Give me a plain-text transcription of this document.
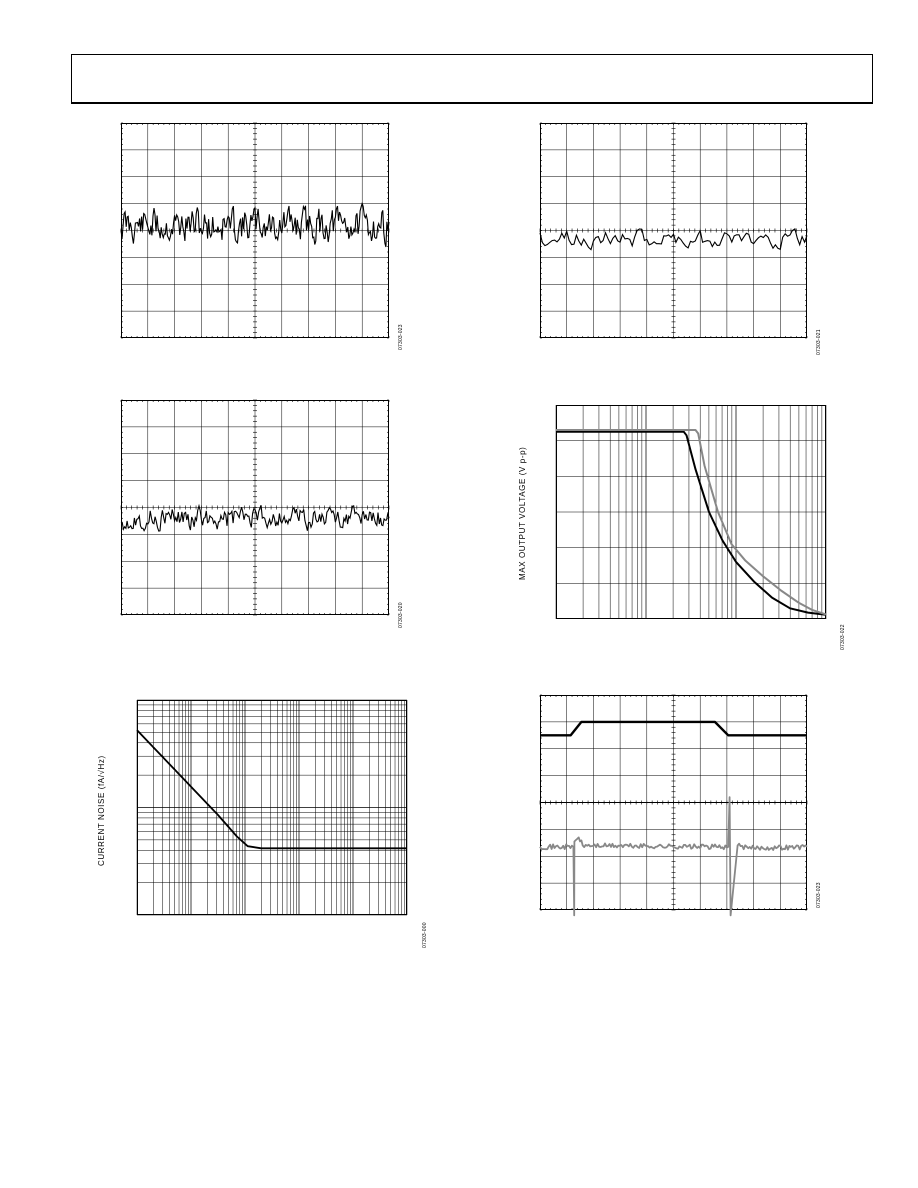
07303-023	07303-021
07303-020
MAX OUTPUT VOLTAGE (V p-p)
07303-022
CURRENT NOISE (fA/√Hz)
07303-000
07303-023
